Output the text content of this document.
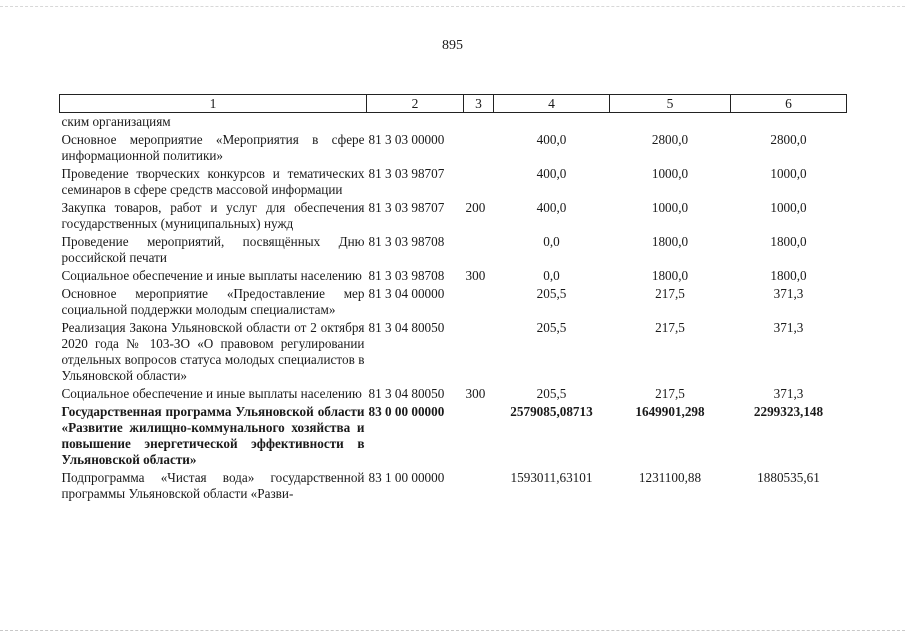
895
1	2	3	4	5	6
ским организациям					
Основное мероприятие «Мероприятия в сфере информационной политики»	81 3 03 00000		400,0	2800,0	2800,0
Проведение творческих конкурсов и тематических семинаров в сфере средств массовой информации	81 3 03 98707		400,0	1000,0	1000,0
Закупка товаров, работ и услуг для обеспечения государственных (муниципальных) нужд	81 3 03 98707	200	400,0	1000,0	1000,0
Проведение мероприятий, посвящённых Дню российской печати	81 3 03 98708		0,0	1800,0	1800,0
Социальное обеспечение и иные выплаты населению	81 3 03 98708	300	0,0	1800,0	1800,0
Основное мероприятие «Предоставление мер социальной поддержки молодым специалистам»	81 3 04 00000		205,5	217,5	371,3
Реализация Закона Ульяновской области от 2 октября 2020 года № 103-ЗО «О правовом регулировании отдельных вопросов статуса молодых специалистов в Ульяновской области»	81 3 04 80050		205,5	217,5	371,3
Социальное обеспечение и иные выплаты населению	81 3 04 80050	300	205,5	217,5	371,3
Государственная программа Ульяновской области «Развитие жилищно-коммунального хозяйства и повышение энергетической эффективности в Ульяновской области»	83 0 00 00000		2579085,08713	1649901,298	2299323,148
Подпрограмма «Чистая вода» государственной программы Ульяновской области «Разви-	83 1 00 00000		1593011,63101	1231100,88	1880535,61
